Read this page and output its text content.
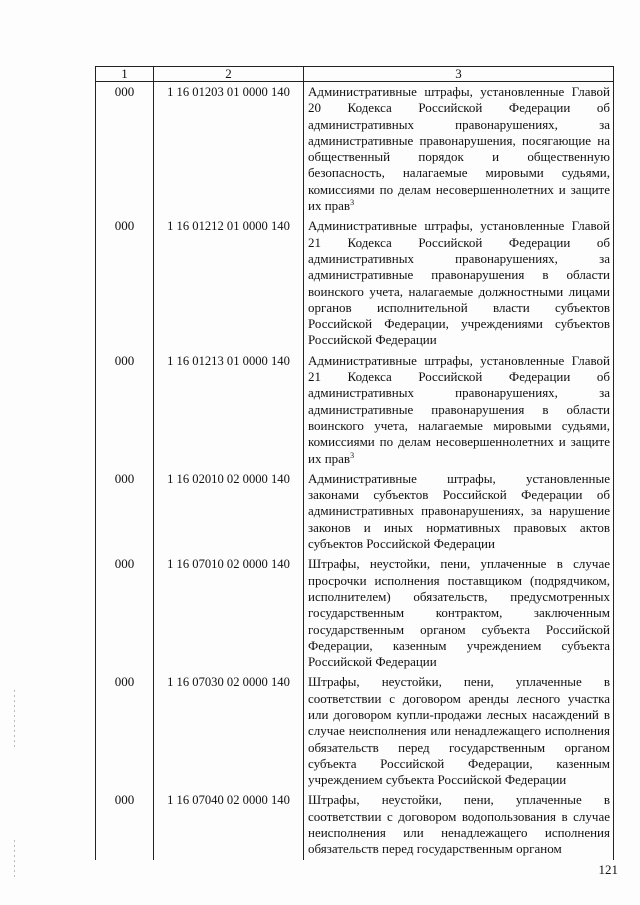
1	2	3
000	1 16 01203 01 0000 140	Административные штрафы, установленные Главой 20 Кодекса Российской Федерации об административных правонарушениях, за административные правонарушения, посягающие на общественный порядок и общественную безопасность, налагаемые мировыми судьями, комиссиями по делам несовершеннолетних и защите их прав$^3$

000	1 16 01212 01 0000 140	Административные штрафы, установленные Главой 21 Кодекса Российской Федерации об административных правонарушениях, за административные правонарушения в области воинского учета, налагаемые должностными лицами органов исполнительной власти субъектов Российской Федерации, учреждениями субъектов Российской Федерации

000	1 16 01213 01 0000 140	Административные штрафы, установленные Главой 21 Кодекса Российской Федерации об административных правонарушениях, за административные правонарушения в области воинского учета, налагаемые мировыми судьями, комиссиями по делам несовершеннолетних и защите их прав$^3$

000	1 16 02010 02 0000 140	Административные штрафы, установленные законами субъектов Российской Федерации об административных правонарушениях, за нарушение законов и иных нормативных правовых актов субъектов Российской Федерации

000	1 16 07010 02 0000 140	Штрафы, неустойки, пени, уплаченные в случае просрочки исполнения поставщиком (подрядчиком, исполнителем) обязательств, предусмотренных государственным контрактом, заключенным государственным органом субъекта Российской Федерации, казенным учреждением субъекта Российской Федерации

000	1 16 07030 02 0000 140	Штрафы, неустойки, пени, уплаченные в соответствии с договором аренды лесного участка или договором купли-продажи лесных насаждений в случае неисполнения или ненадлежащего исполнения обязательств перед государственным органом субъекта Российской Федерации, казенным учреждением субъекта Российской Федерации

000	1 16 07040 02 0000 140	Штрафы, неустойки, пени, уплаченные в соответствии с договором водопользования в случае неисполнения или ненадлежащего исполнения обязательств перед государственным органом
121
